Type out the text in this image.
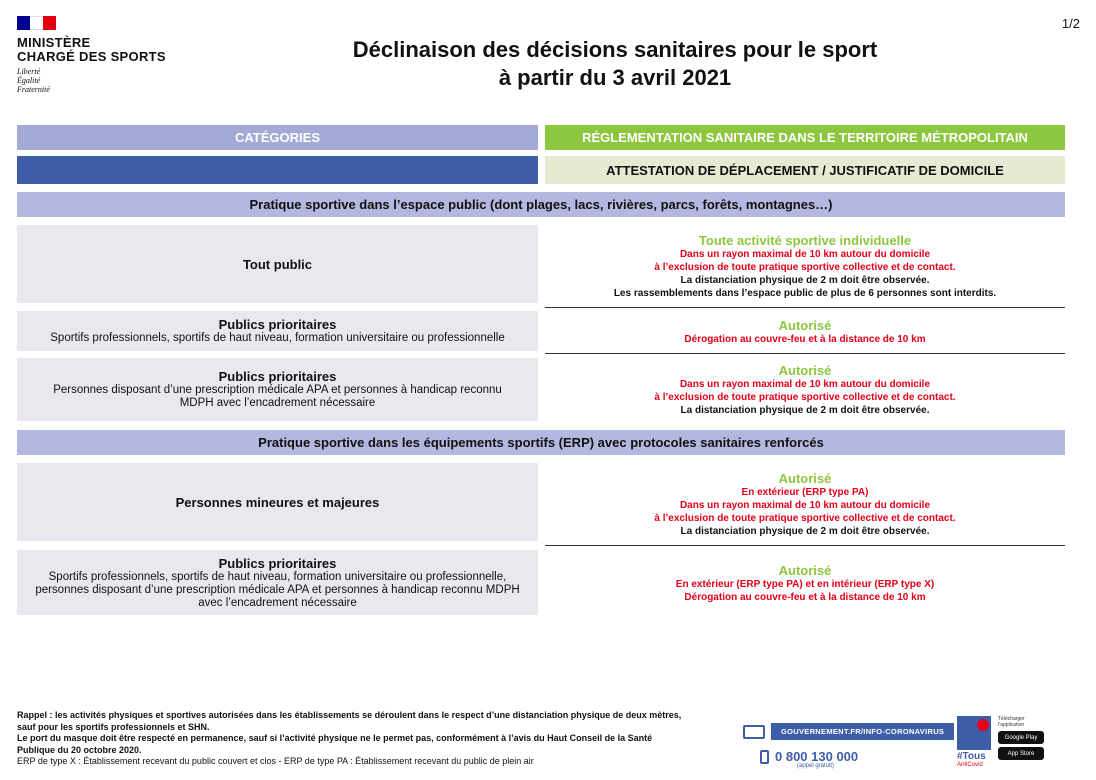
1/2
MINISTÈRE
CHARGÉ DES SPORTS
Liberté
Égalité
Fraternité
Déclinaison des décisions sanitaires pour le sport
à partir du 3 avril 2021
CATÉGORIES	RÉGLEMENTATION SANITAIRE DANS LE TERRITOIRE MÉTROPOLITAIN
ATTESTATION DE DÉPLACEMENT / JUSTIFICATIF DE DOMICILE
Pratique sportive dans l’espace public (dont plages, lacs, rivières, parcs, forêts, montagnes…)
Tout public
Toute activité sportive individuelle
Dans un rayon maximal de 10 km autour du domicile
à l’exclusion de toute pratique sportive collective et de contact.
La distanciation physique de 2 m doit être observée.
Les rassemblements dans l’espace public de plus de 6 personnes sont interdits.
Publics prioritaires
Sportifs professionnels, sportifs de haut niveau, formation universitaire ou professionnelle
Autorisé
Dérogation au couvre-feu et à la distance de 10 km
Publics prioritaires
Personnes disposant d’une prescription médicale APA et personnes à handicap reconnu
MDPH avec l’encadrement nécessaire
Autorisé
Dans un rayon maximal de 10 km autour du domicile
à l’exclusion de toute pratique sportive collective et de contact.
La distanciation physique de 2 m doit être observée.
Pratique sportive dans les équipements sportifs (ERP) avec protocoles sanitaires renforcés
Personnes mineures et majeures
Autorisé
En extérieur (ERP type PA)
Dans un rayon maximal de 10 km autour du domicile
à l’exclusion de toute pratique sportive collective et de contact.
La distanciation physique de 2 m doit être observée.
Publics prioritaires
Sportifs professionnels, sportifs de haut niveau, formation universitaire ou professionnelle,
personnes disposant d’une prescription médicale APA et personnes à handicap reconnu MDPH
avec l’encadrement nécessaire
Autorisé
En extérieur (ERP type PA) et en intérieur (ERP type X)
Dérogation au couvre-feu et à la distance de 10 km
Rappel : les activités physiques et sportives autorisées dans les établissements se déroulent dans le respect d’une distanciation physique de deux mètres,
sauf pour les sportifs professionnels et SHN.
Le port du masque doit être respecté en permanence, sauf si l’activité physique ne le permet pas, conformément à l’avis du Haut Conseil de la Santé
Publique du 20 octobre 2020.
ERP de type X : Établissement recevant du public couvert et clos - ERP de type PA : Établissement recevant du public de plein air
GOUVERNEMENT.FR/INFO-CORONAVIRUS
0 800 130 000
(appel gratuit)
#Tous
AntiCovid
Télécharger l’application
Google Play
App Store
